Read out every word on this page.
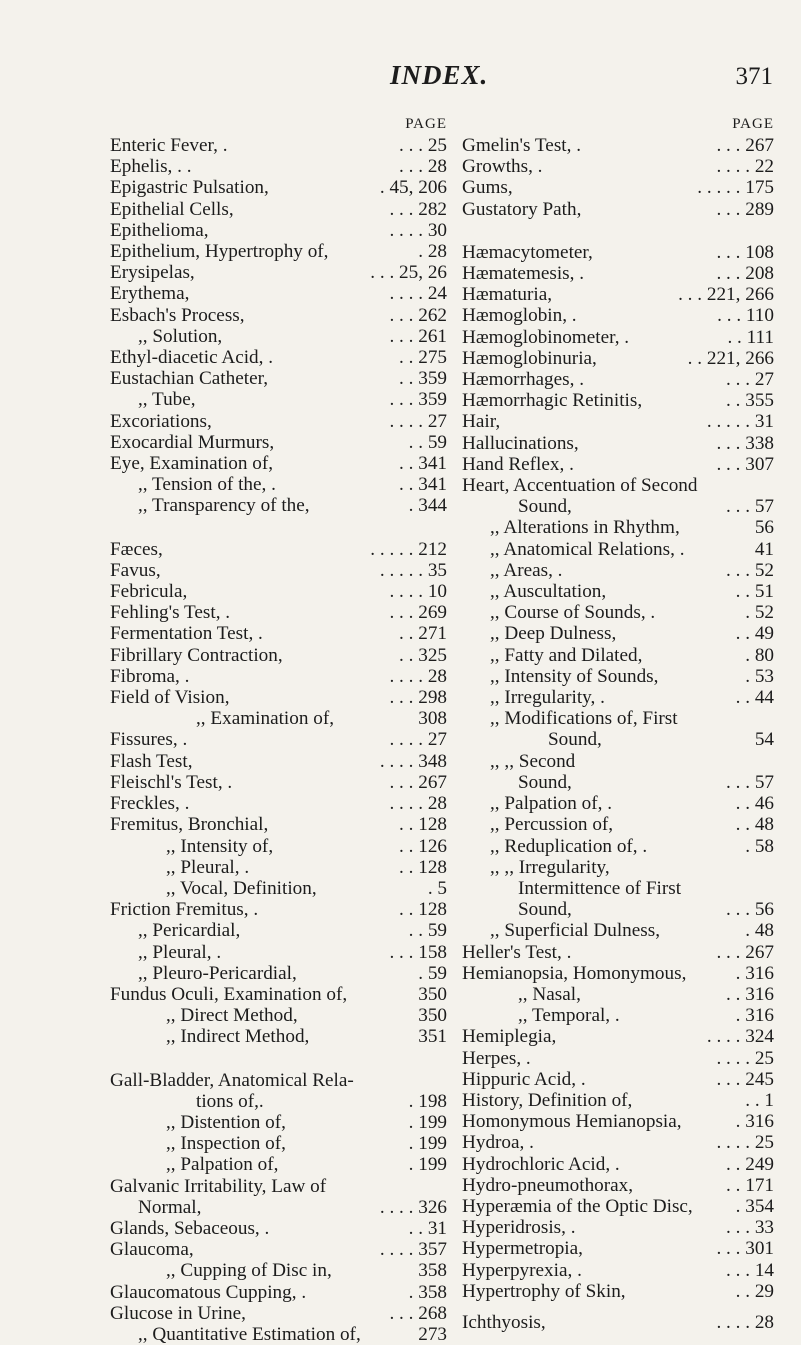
INDEX.	371
PAGE
Enteric Fever, .	. . . 25
Ephelis, . .	. . . 28
Epigastric Pulsation,	. 45, 206
Epithelial Cells,	. . . 282
Epithelioma,	. . . . 30
Epithelium, Hypertrophy of,	. 28
Erysipelas,	. . . 25, 26
Erythema,	. . . . 24
Esbach's Process,	. . . 262
,, Solution,	. . . 261
Ethyl-diacetic Acid, .	. . 275
Eustachian Catheter,	. . 359
,, Tube,	. . . 359
Excoriations,	. . . . 27
Exocardial Murmurs,	. . 59
Eye, Examination of,	. . 341
,, Tension of the, .	. . 341
,, Transparency of the,	. 344
Fæces,	. . . . . 212
Favus,	. . . . . 35
Febricula,	. . . . 10
Fehling's Test, .	. . . 269
Fermentation Test, .	. . 271
Fibrillary Contraction,	. . 325
Fibroma, .	. . . . 28
Field of Vision,	. . . 298
,, Examination of,	308
Fissures, .	. . . . 27
Flash Test,	. . . . 348
Fleischl's Test, .	. . . 267
Freckles, .	. . . . 28
Fremitus, Bronchial,	. . 128
,, Intensity of,	. . 126
,, Pleural, .	. . 128
,, Vocal, Definition,	. 5
Friction Fremitus, .	. . 128
,, Pericardial,	. . 59
,, Pleural, .	. . . 158
,, Pleuro-Pericardial,	. 59
Fundus Oculi, Examination of,	350
,, Direct Method,	350
,, Indirect Method,	351
Gall-Bladder, Anatomical Rela-
tions of,.	. 198
,, Distention of,	. 199
,, Inspection of,	. 199
,, Palpation of,	. 199
Galvanic Irritability, Law of
Normal,	. . . . 326
Glands, Sebaceous, .	. . 31
Glaucoma,	. . . . 357
,, Cupping of Disc in,	358
Glaucomatous Cupping, .	. 358
Glucose in Urine,	. . . 268
,, Quantitative Estimation of,	273
PAGE
Gmelin's Test, .	. . . 267
Growths, .	. . . . 22
Gums,	. . . . . 175
Gustatory Path,	. . . 289
Hæmacytometer,	. . . 108
Hæmatemesis, .	. . . 208
Hæmaturia,	. . . 221, 266
Hæmoglobin, .	. . . 110
Hæmoglobinometer, .	. . 111
Hæmoglobinuria,	. . 221, 266
Hæmorrhages, .	. . . 27
Hæmorrhagic Retinitis,	. . 355
Hair,	. . . . . 31
Hallucinations,	. . . 338
Hand Reflex, .	. . . 307
Heart, Accentuation of Second
Sound,	. . . 57
,, Alterations in Rhythm,	56
,, Anatomical Relations, .	41
,, Areas, .	. . . 52
,, Auscultation,	. . 51
,, Course of Sounds, .	. 52
,, Deep Dulness,	. . 49
,, Fatty and Dilated,	. 80
,, Intensity of Sounds,	. 53
,, Irregularity, .	. . 44
,, Modifications of, First
Sound,	54
,, ,, Second
Sound,	. . . 57
,, Palpation of, .	. . 46
,, Percussion of,	. . 48
,, Reduplication of, .	. 58
,, ,, Irregularity,
Intermittence of First
Sound,	. . . 56
,, Superficial Dulness,	. 48
Heller's Test, .	. . . 267
Hemianopsia, Homonymous,	. 316
,, Nasal,	. . 316
,, Temporal, .	. 316
Hemiplegia,	. . . . 324
Herpes, .	. . . . 25
Hippuric Acid, .	. . . 245
History, Definition of,	. . 1
Homonymous Hemianopsia,	. 316
Hydroa, .	. . . . 25
Hydrochloric Acid, .	. . 249
Hydro-pneumothorax,	. . 171
Hyperæmia of the Optic Disc, . 354
Hyperidrosis, .	. . . 33
Hypermetropia,	. . . 301
Hyperpyrexia, .	. . . 14
Hypertrophy of Skin,	. . 29
Ichthyosis,	. . . . 28
